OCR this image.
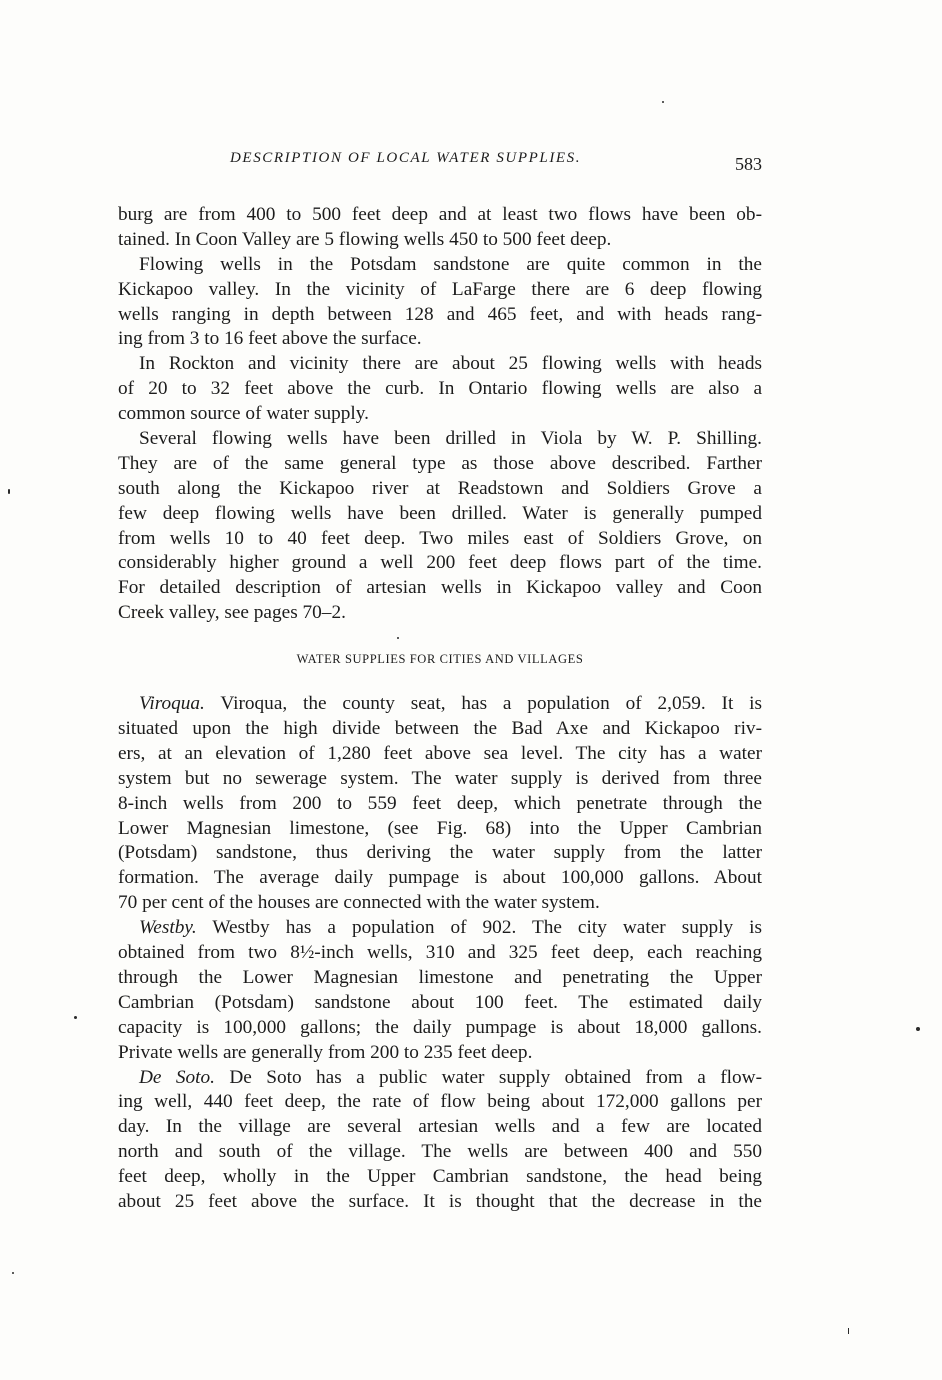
DESCRIPTION OF LOCAL WATER SUPPLIES.	583
burg are from 400 to 500 feet deep and at least two flows have been ob-
tained. In Coon Valley are 5 flowing wells 450 to 500 feet deep.
Flowing wells in the Potsdam sandstone are quite common in the
Kickapoo valley. In the vicinity of LaFarge there are 6 deep flowing
wells ranging in depth between 128 and 465 feet, and with heads rang-
ing from 3 to 16 feet above the surface.
In Rockton and vicinity there are about 25 flowing wells with heads
of 20 to 32 feet above the curb. In Ontario flowing wells are also a
common source of water supply.
Several flowing wells have been drilled in Viola by W. P. Shilling.
They are of the same general type as those above described. Farther
south along the Kickapoo river at Readstown and Soldiers Grove a
few deep flowing wells have been drilled. Water is generally pumped
from wells 10 to 40 feet deep. Two miles east of Soldiers Grove, on
considerably higher ground a well 200 feet deep flows part of the time.
For detailed description of artesian wells in Kickapoo valley and Coon
Creek valley, see pages 70–2.
WATER SUPPLIES FOR CITIES AND VILLAGES
Viroqua. Viroqua, the county seat, has a population of 2,059. It is
situated upon the high divide between the Bad Axe and Kickapoo riv-
ers, at an elevation of 1,280 feet above sea level. The city has a water
system but no sewerage system. The water supply is derived from three
8-inch wells from 200 to 559 feet deep, which penetrate through the
Lower Magnesian limestone, (see Fig. 68) into the Upper Cambrian
(Potsdam) sandstone, thus deriving the water supply from the latter
formation. The average daily pumpage is about 100,000 gallons. About
70 per cent of the houses are connected with the water system.
Westby. Westby has a population of 902. The city water supply is
obtained from two 8½-inch wells, 310 and 325 feet deep, each reaching
through the Lower Magnesian limestone and penetrating the Upper
Cambrian (Potsdam) sandstone about 100 feet. The estimated daily
capacity is 100,000 gallons; the daily pumpage is about 18,000 gallons.
Private wells are generally from 200 to 235 feet deep.
De Soto. De Soto has a public water supply obtained from a flow-
ing well, 440 feet deep, the rate of flow being about 172,000 gallons per
day. In the village are several artesian wells and a few are located
north and south of the village. The wells are between 400 and 550
feet deep, wholly in the Upper Cambrian sandstone, the head being
about 25 feet above the surface. It is thought that the decrease in the
